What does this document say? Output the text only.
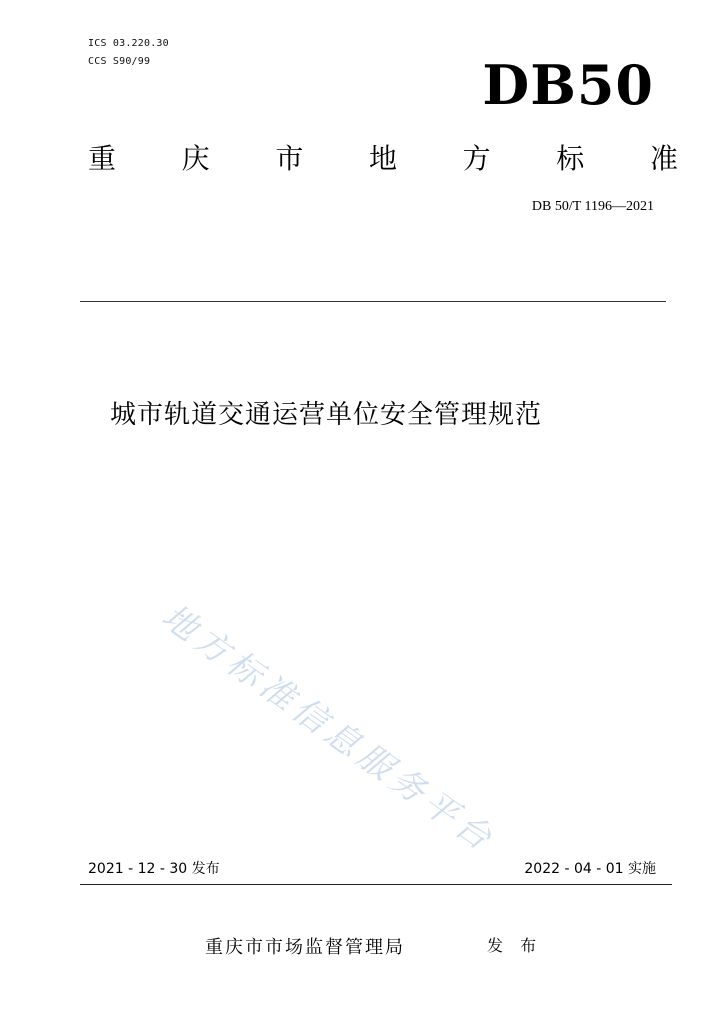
ICS 03.220.30
CCS S90/99	DB50
重 庆 市 地 方 标 准
DB 50/T 1196—2021
城市轨道交通运营单位安全管理规范
地方标准信息服务平台
2021 - 12 - 30 发布	2022 - 04 - 01 实施
重庆市市场监督管理局	发 布
